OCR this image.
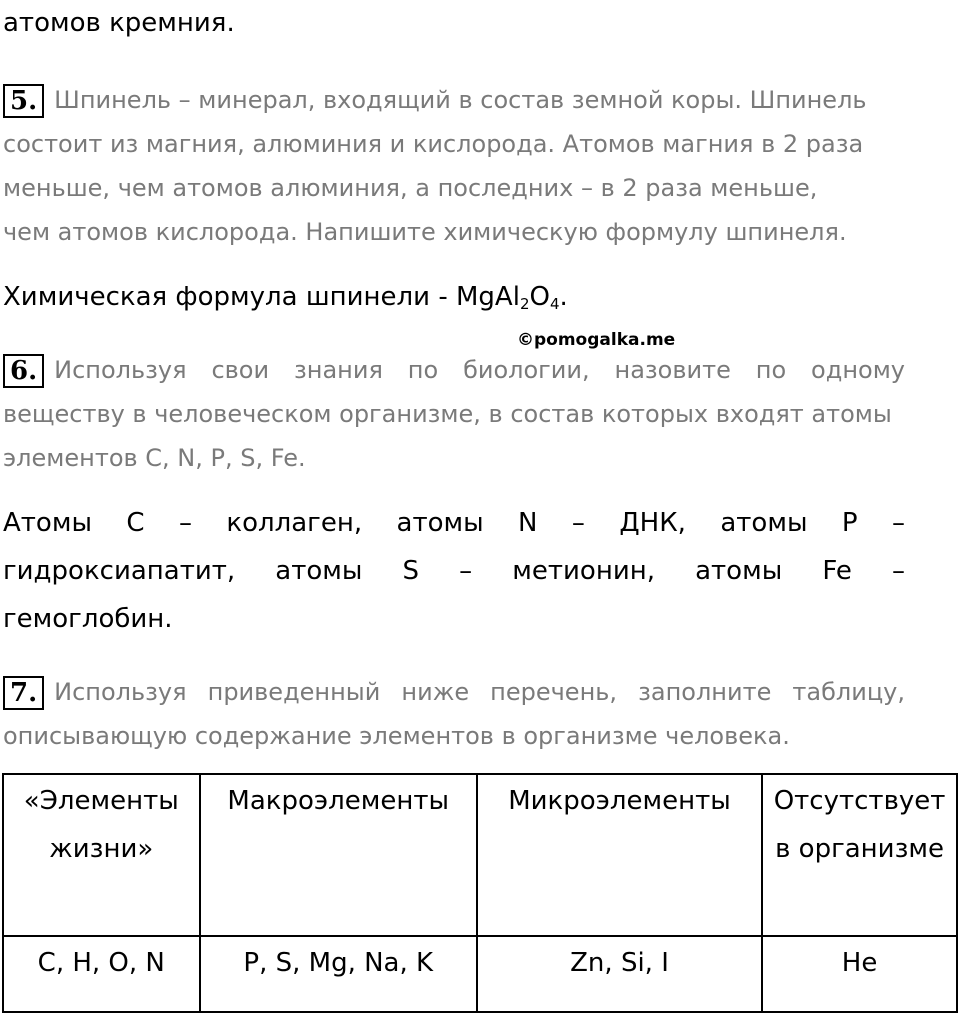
атомов кремния.
5. Шпинель – минерал, входящий в состав земной коры. Шпинель
состоит из магния, алюминия и кислорода. Атомов магния в 2 раза
меньше, чем атомов алюминия, а последних – в 2 раза меньше,
чем атомов кислорода. Напишите химическую формулу шпинеля.
Химическая формула шпинели - $MgAl_2O_4$.
©pomogalka.me
6. Используя свои знания по биологии, назовите по одному
веществу в человеческом организме, в состав которых входят атомы
элементов С, N, P, S, Fe.
Атомы С – коллаген, атомы N – ДНК, атомы P –
гидроксиапатит, атомы S – метионин, атомы Fe –
гемоглобин.
7. Используя приведенный ниже перечень, заполните таблицу,
описывающую содержание элементов в организме человека.
«Элементы жизни»	Макроэлементы	Микроэлементы	Отсутствует в организме
C, H, O, N	P, S, Mg, Na, K	Zn, Si, I	He
